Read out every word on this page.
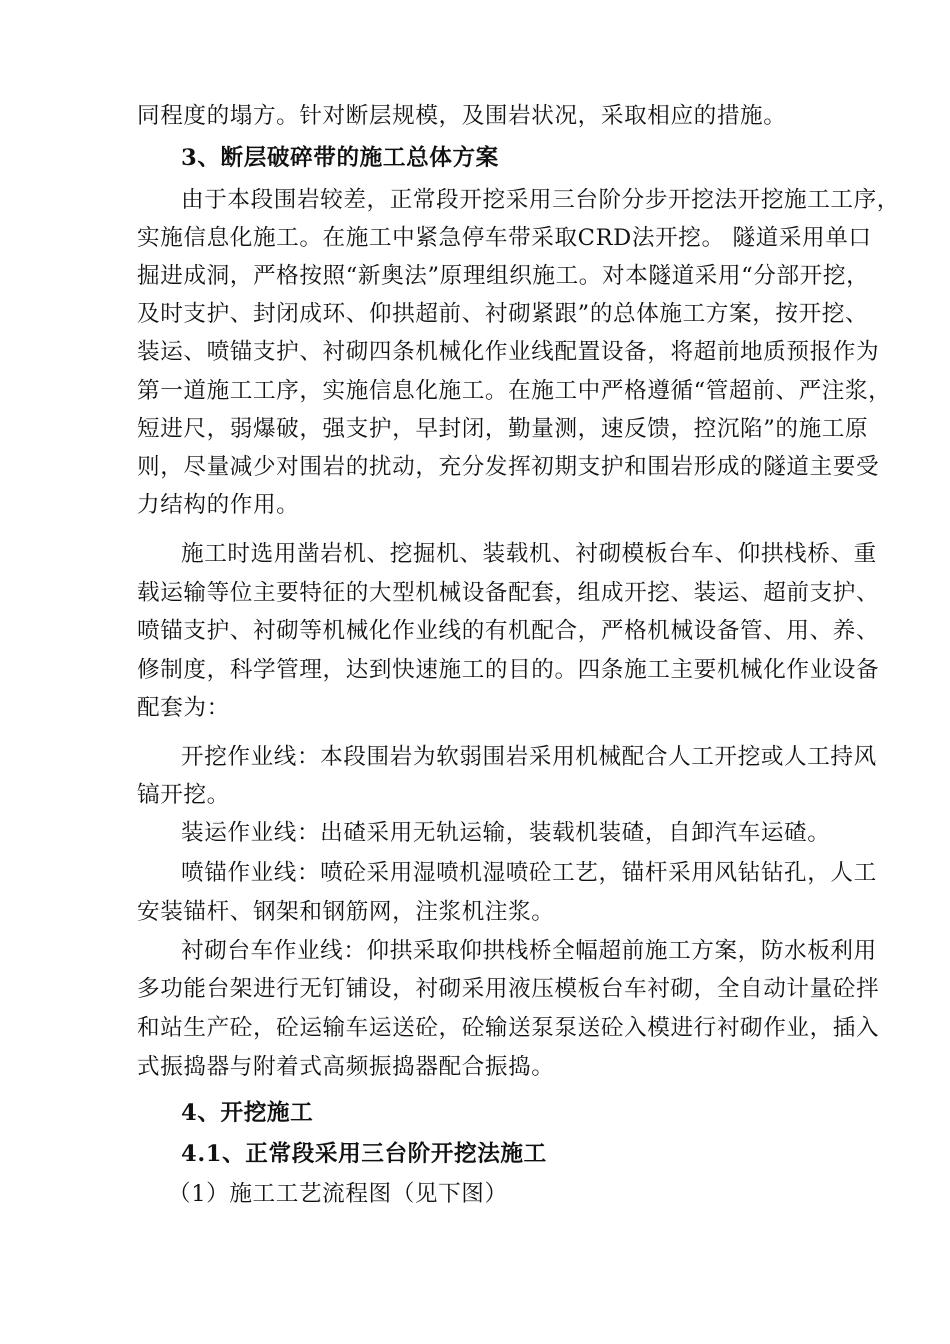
同程度的塌方。针对断层规模，及围岩状况，采取相应的措施。
3、断层破碎带的施工总体方案
由于本段围岩较差，正常段开挖采用三台阶分步开挖法开挖施工工序，
实施信息化施工。在施工中紧急停车带采取CRD法开挖。 隧道采用单口
掘进成洞，严格按照“新奥法”原理组织施工。对本隧道采用“分部开挖，
及时支护、封闭成环、仰拱超前、衬砌紧跟”的总体施工方案，按开挖、
装运、喷锚支护、衬砌四条机械化作业线配置设备，将超前地质预报作为
第一道施工工序，实施信息化施工。在施工中严格遵循“管超前、严注浆，
短进尺，弱爆破，强支护，早封闭，勤量测，速反馈，控沉陷”的施工原
则，尽量减少对围岩的扰动，充分发挥初期支护和围岩形成的隧道主要受
力结构的作用。
施工时选用凿岩机、挖掘机、装载机、衬砌模板台车、仰拱栈桥、重
载运输等位主要特征的大型机械设备配套，组成开挖、装运、超前支护、
喷锚支护、衬砌等机械化作业线的有机配合，严格机械设备管、用、养、
修制度，科学管理，达到快速施工的目的。四条施工主要机械化作业设备
配套为：
开挖作业线：本段围岩为软弱围岩采用机械配合人工开挖或人工持风
镐开挖。
装运作业线：出碴采用无轨运输，装载机装碴，自卸汽车运碴。
喷锚作业线：喷砼采用湿喷机湿喷砼工艺，锚杆采用风钻钻孔，人工
安装锚杆、钢架和钢筋网，注浆机注浆。
衬砌台车作业线：仰拱采取仰拱栈桥全幅超前施工方案，防水板利用
多功能台架进行无钉铺设，衬砌采用液压模板台车衬砌，全自动计量砼拌
和站生产砼，砼运输车运送砼，砼输送泵泵送砼入模进行衬砌作业，插入
式振捣器与附着式高频振捣器配合振捣。
4、开挖施工
4.1、正常段采用三台阶开挖法施工
（1）施工工艺流程图（见下图）
